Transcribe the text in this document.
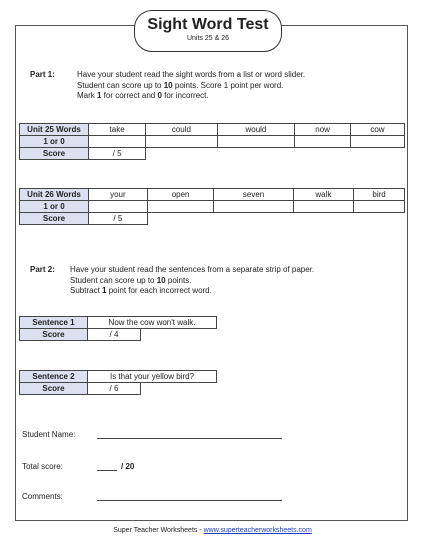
Sight Word Test
Units 25 & 26
Part 1:	Have your student read the sight words from a list or word slider.
Student can score up to 10 points. Score 1 point per word.
Mark 1 for correct and 0 for incorrect.
Unit 25 Words	take	could	would	now	cow
1 or 0					
Score	/ 5				
Unit 26 Words	your	open	seven	walk	bird
1 or 0					
Score	/ 5				
Part 2: Have your student read the sentences from a separate strip of paper.
Student can score up to 10 points.
Subtract 1 point for each incorrect word.
Sentence 1	Now the cow won't walk.	
Score	/ 4	
Sentence 2	Is that your yellow bird?	
Score	/ 6	
Student Name:
Total score:	/ 20
Comments:
Super Teacher Worksheets - www.superteacherworksheets.com
